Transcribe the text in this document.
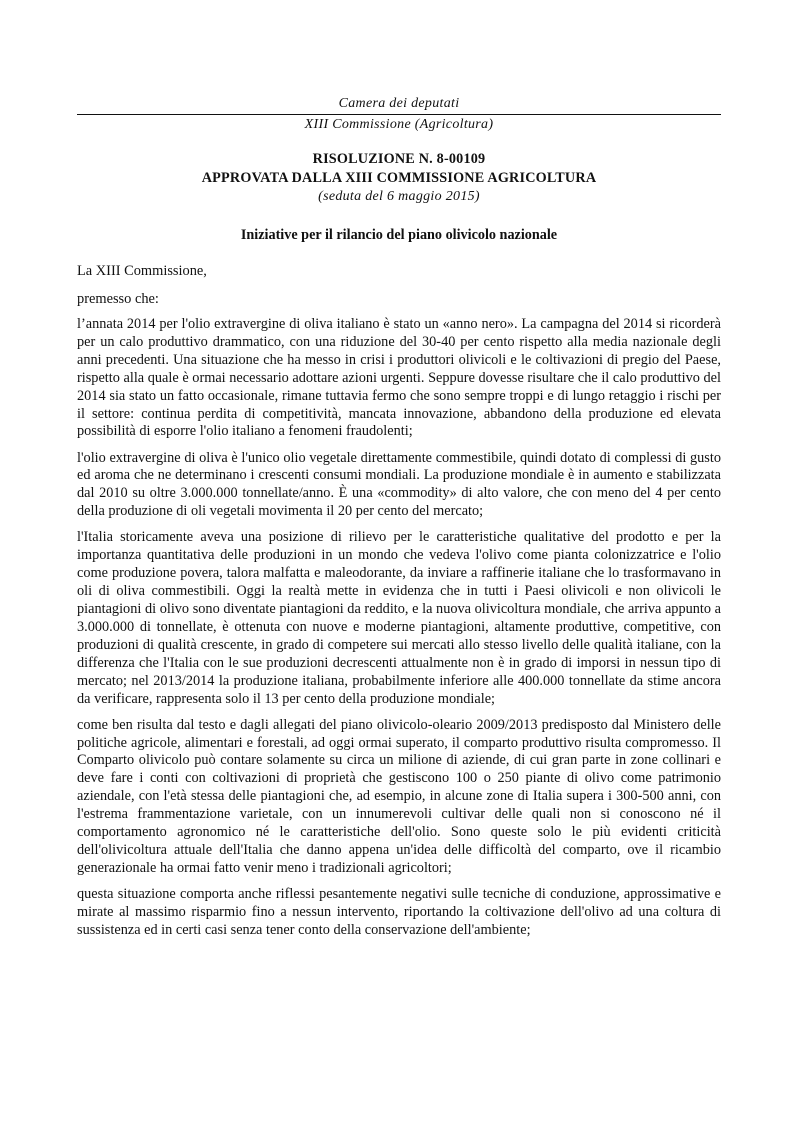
Camera dei deputati
XIII Commissione (Agricoltura)
RISOLUZIONE N. 8-00109
APPROVATA DALLA XIII COMMISSIONE AGRICOLTURA
(seduta del 6 maggio 2015)
Iniziative per il rilancio del piano olivicolo nazionale
La XIII Commissione,
premesso che:

l’annata 2014 per l'olio extravergine di oliva italiano è stato un «anno nero». La campagna del 2014 si ricorderà per un calo produttivo drammatico, con una riduzione del 30-40 per cento rispetto alla media nazionale degli anni precedenti. Una situazione che ha messo in crisi i produttori olivicoli e le coltivazioni di pregio del Paese, rispetto alla quale è ormai necessario adottare azioni urgenti. Seppure dovesse risultare che il calo produttivo del 2014 sia stato un fatto occasionale, rimane tuttavia fermo che sono sempre troppi e di lungo retaggio i rischi per il settore: continua perdita di competitività, mancata innovazione, abbandono della produzione ed elevata possibilità di esporre l'olio italiano a fenomeni fraudolenti;

l'olio extravergine di oliva è l'unico olio vegetale direttamente commestibile, quindi dotato di complessi di gusto ed aroma che ne determinano i crescenti consumi mondiali. La produzione mondiale è in aumento e stabilizzata dal 2010 su oltre 3.000.000 tonnellate/anno. È una «commodity» di alto valore, che con meno del 4 per cento della produzione di oli vegetali movimenta il 20 per cento del mercato;

l'Italia storicamente aveva una posizione di rilievo per le caratteristiche qualitative del prodotto e per la importanza quantitativa delle produzioni in un mondo che vedeva l'olivo come pianta colonizzatrice e l'olio come produzione povera, talora malfatta e maleodorante, da inviare a raffinerie italiane che lo trasformavano in oli di oliva commestibili. Oggi la realtà mette in evidenza che in tutti i Paesi olivicoli e non olivicoli le piantagioni di olivo sono diventate piantagioni da reddito, e la nuova olivicoltura mondiale, che arriva appunto a 3.000.000 di tonnellate, è ottenuta con nuove e moderne piantagioni, altamente produttive, competitive, con produzioni di qualità crescente, in grado di competere sui mercati allo stesso livello delle qualità italiane, con la differenza che l'Italia con le sue produzioni decrescenti attualmente non è in grado di imporsi in nessun tipo di mercato; nel 2013/2014 la produzione italiana, probabilmente inferiore alle 400.000 tonnellate da stime ancora da verificare, rappresenta solo il 13 per cento della produzione mondiale;

come ben risulta dal testo e dagli allegati del piano olivicolo-oleario 2009/2013 predisposto dal Ministero delle politiche agricole, alimentari e forestali, ad oggi ormai superato, il comparto produttivo risulta compromesso. Il Comparto olivicolo può contare solamente su circa un milione di aziende, di cui gran parte in zone collinari e deve fare i conti con coltivazioni di proprietà che gestiscono 100 o 250 piante di olivo come patrimonio aziendale, con l'età stessa delle piantagioni che, ad esempio, in alcune zone di Italia supera i 300-500 anni, con l'estrema frammentazione varietale, con un innumerevoli cultivar delle quali non si conoscono né il comportamento agronomico né le caratteristiche dell'olio. Sono queste solo le più evidenti criticità dell'olivicoltura attuale dell'Italia che danno appena un'idea delle difficoltà del comparto, ove il ricambio generazionale ha ormai fatto venir meno i tradizionali agricoltori;

questa situazione comporta anche riflessi pesantemente negativi sulle tecniche di conduzione, approssimative e mirate al massimo risparmio fino a nessun intervento, riportando la coltivazione dell'olivo ad una coltura di sussistenza ed in certi casi senza tener conto della conservazione dell'ambiente;
